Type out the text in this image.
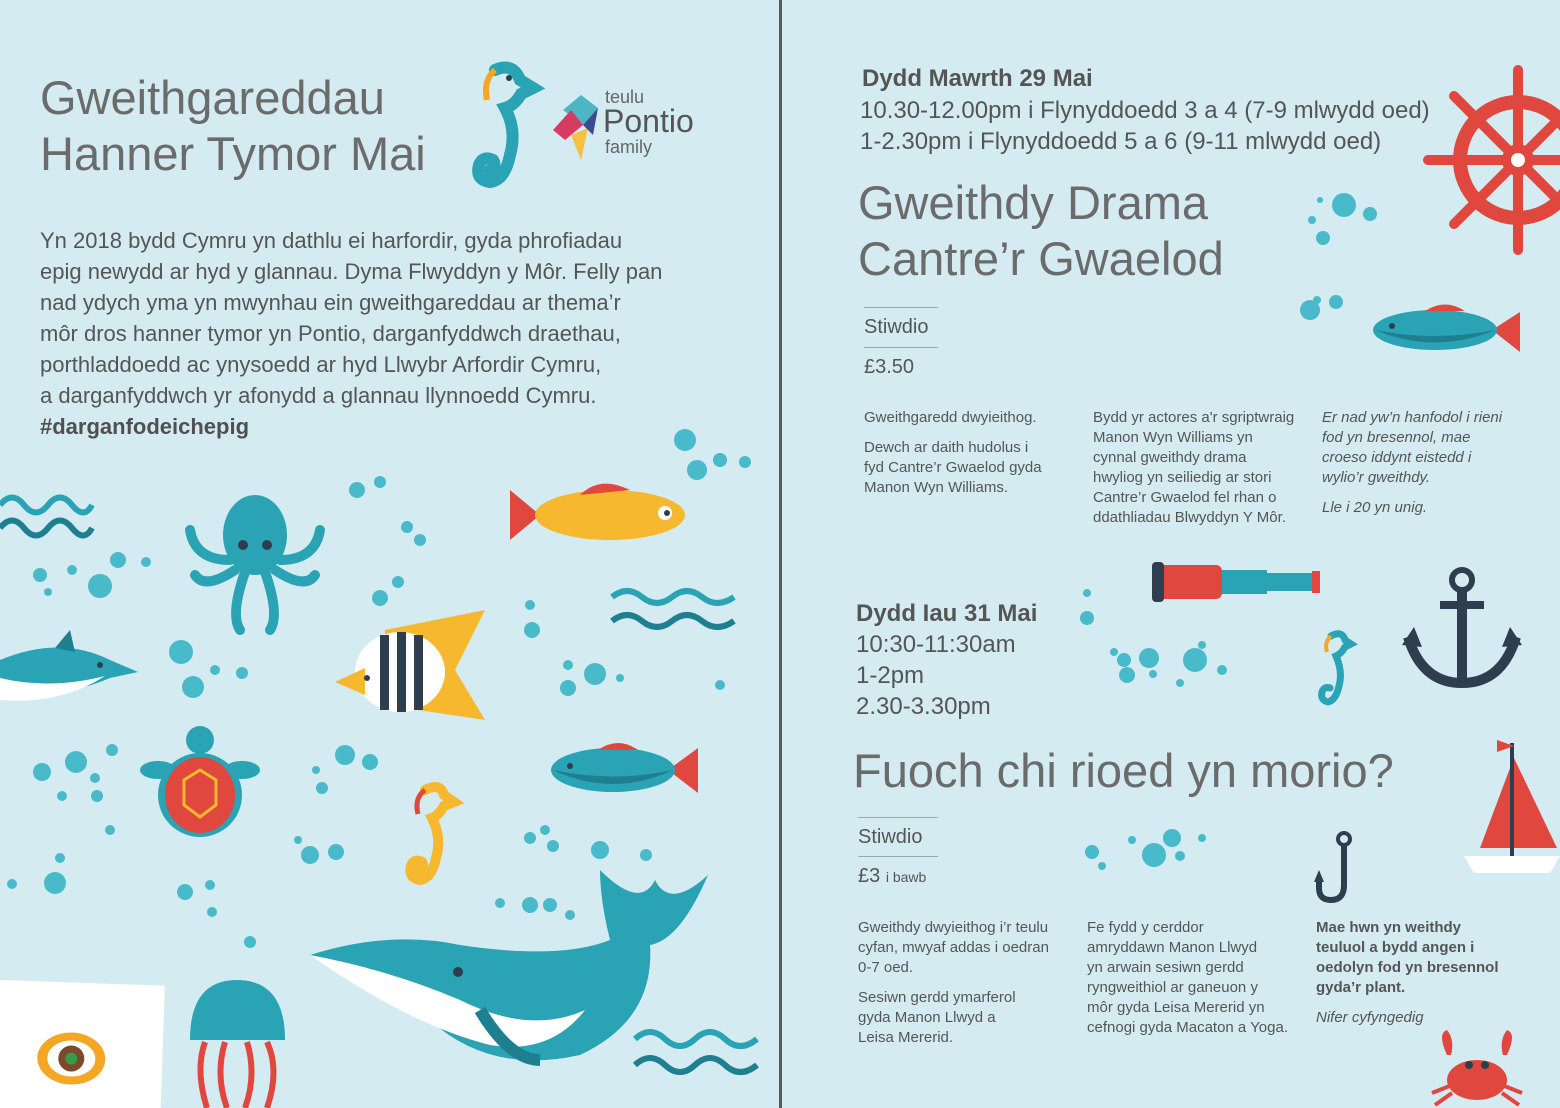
Gweithgareddau
Hanner Tymor Mai
teulu
Pontio
family
Yn 2018 bydd Cymru yn dathlu ei harfordir, gyda phrofiadau
epig newydd ar hyd y glannau. Dyma Flwyddyn y Môr. Felly pan
nad ydych yma yn mwynhau ein gweithgareddau ar thema’r
môr dros hanner tymor yn Pontio, darganfyddwch draethau,
porthladdoedd ac ynysoedd ar hyd Llwybr Arfordir Cymru,
a darganfyddwch yr afonydd a glannau llynnoedd Cymru.
#darganfodeichepig
Dydd Mawrth 29 Mai
10.30-12.00pm i Flynyddoedd 3 a 4 (7-9 mlwydd oed)
1-2.30pm i Flynyddoedd 5 a 6 (9-11 mlwydd oed)
Gweithdy Drama
Cantre’r Gwaelod
Stiwdio
£3.50
Gweithgaredd dwyieithog.
Dewch ar daith hudolus i
fyd Cantre’r Gwaelod gyda
Manon Wyn Williams.
Bydd yr actores a'r sgriptwraig
Manon Wyn Williams yn
cynnal gweithdy drama
hwyliog yn seiliedig ar stori
Cantre’r Gwaelod fel rhan o
ddathliadau Blwyddyn Y Môr.
Er nad yw’n hanfodol i rieni
fod yn bresennol, mae
croeso iddynt eistedd i
wylio’r gweithdy.
Lle i 20 yn unig.
Dydd Iau 31 Mai
10:30-11:30am
1-2pm
2.30-3.30pm
Fuoch chi rioed yn morio?
Stiwdio
£3 i bawb
Gweithdy dwyieithog i’r teulu
cyfan, mwyaf addas i oedran
0-7 oed.
Sesiwn gerdd ymarferol
gyda Manon Llwyd a
Leisa Mererid.
Fe fydd y cerddor
amryddawn Manon Llwyd
yn arwain sesiwn gerdd
ryngweithiol ar ganeuon y
môr gyda Leisa Mererid yn
cefnogi gyda Macaton a Yoga.
Mae hwn yn weithdy
teuluol a bydd angen i
oedolyn fod yn bresennol
gyda’r plant.
Nifer cyfyngedig
